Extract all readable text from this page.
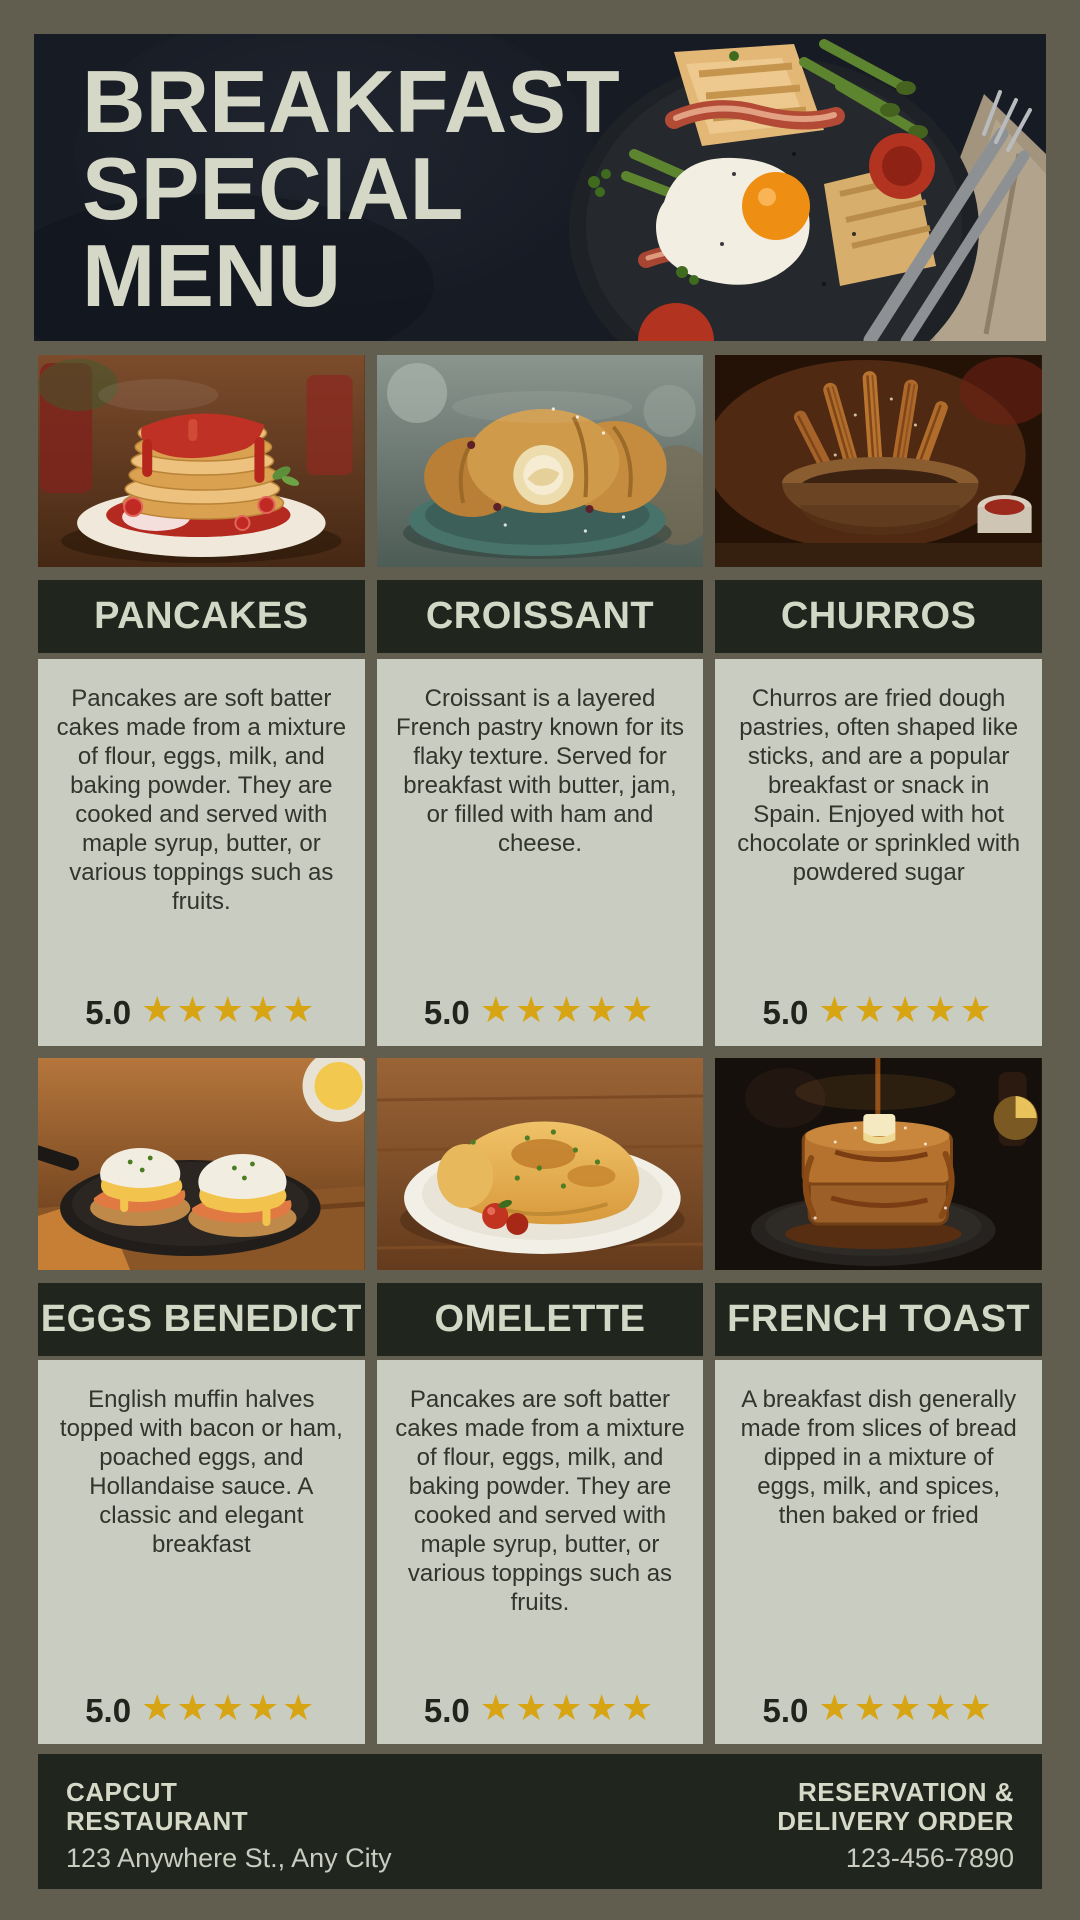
BREAKFAST
SPECIAL
MENU
PANCAKES	CROISSANT	CHURROS

Pancakes are soft batter cakes made from a mixture of flour, eggs, milk, and baking powder. They are cooked and served with maple syrup, butter, or various toppings such as fruits.

5.0 ★★★★★

Croissant is a layered French pastry known for its flaky texture. Served for breakfast with butter, jam, or filled with ham and cheese.

5.0 ★★★★★

Churros are fried dough pastries, often shaped like sticks, and are a popular breakfast or snack in Spain. Enjoyed with hot chocolate or sprinkled with powdered sugar

5.0 ★★★★★
EGGS BENEDICT OMELETTE FRENCH TOAST

English muffin halves topped with bacon or ham, poached eggs, and Hollandaise sauce. A classic and elegant breakfast

5.0 ★★★★★

Pancakes are soft batter cakes made from a mixture of flour, eggs, milk, and baking powder. They are cooked and served with maple syrup, butter, or various toppings such as fruits.

5.0 ★★★★★

A breakfast dish generally made from slices of bread dipped in a mixture of eggs, milk, and spices, then baked or fried

5.0 ★★★★★
CAPCUT
RESTAURANT
123 Anywhere St., Any City
RESERVATION &
DELIVERY ORDER
123-456-7890
